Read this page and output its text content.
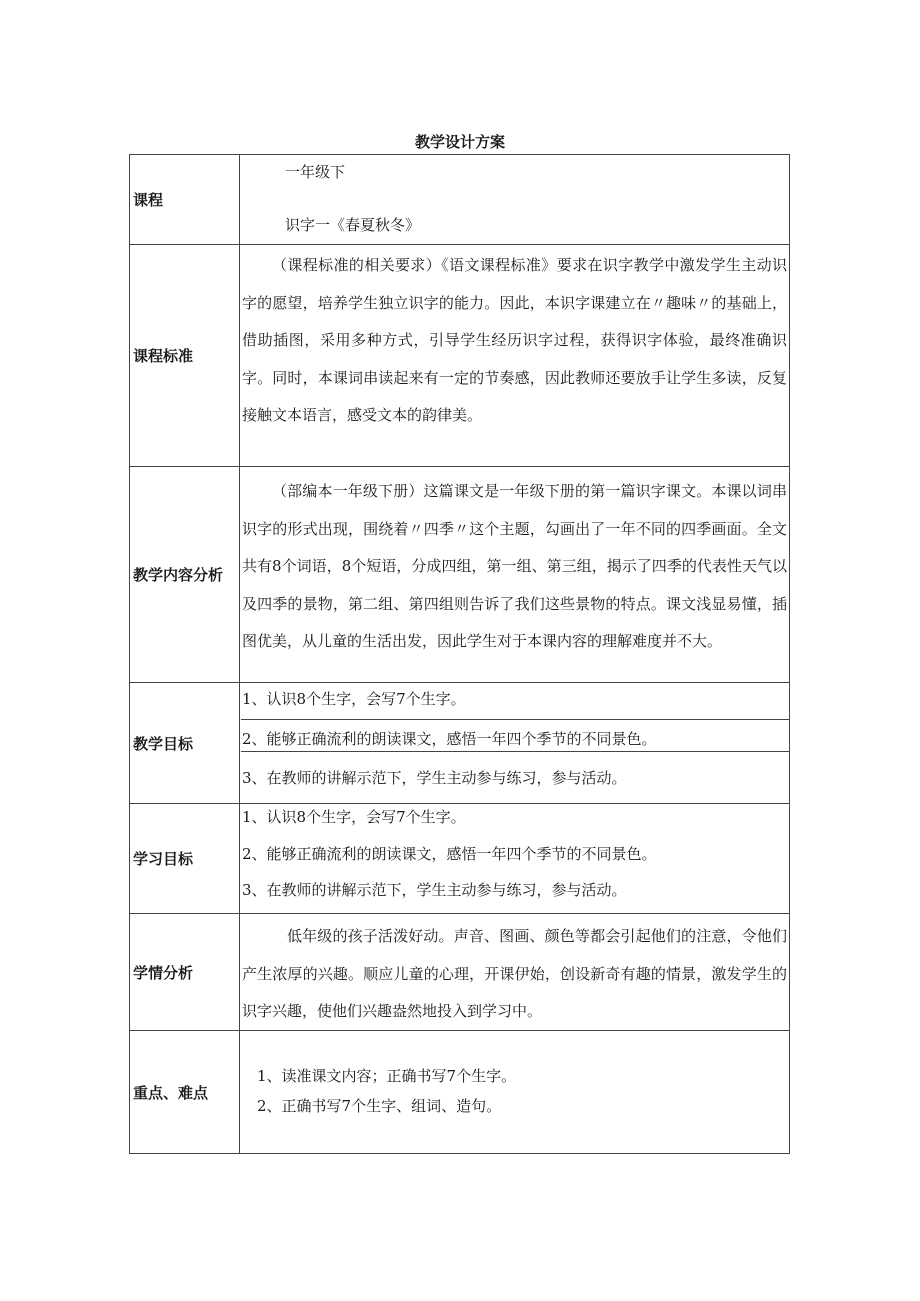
教学设计方案
课程
一年级下
识字一《春夏秋冬》
课程标准

（课程标准的相关要求）《语文课程标准》要求在识字教学中激发学生主动识字的愿望，培养学生独立识字的能力。因此，本识字课建立在〃趣味〃的基础上，借助插图，采用多种方式，引导学生经历识字过程，获得识字体验，最终准确识字。同时，本课词串读起来有一定的节奏感，因此教师还要放手让学生多读，反复接触文本语言，感受文本的韵律美。

教学内容分析

（部编本一年级下册）这篇课文是一年级下册的第一篇识字课文。本课以词串识字的形式出现，围绕着〃四季〃这个主题，勾画出了一年不同的四季画面。全文共有8个词语，8个短语，分成四组，第一组、第三组，揭示了四季的代表性天气以及四季的景物，第二组、第四组则告诉了我们这些景物的特点。课文浅显易懂，插图优美，从儿童的生活出发，因此学生对于本课内容的理解难度并不大。

教学目标
1、认识8个生字，会写7个生字。
2、能够正确流利的朗读课文，感悟一年四个季节的不同景色。
3、在教师的讲解示范下，学生主动参与练习，参与活动。
学习目标
1、认识8个生字，会写7个生字。
2、能够正确流利的朗读课文，感悟一年四个季节的不同景色。
3、在教师的讲解示范下，学生主动参与练习，参与活动。
学情分析

低年级的孩子活泼好动。声音、图画、颜色等都会引起他们的注意，令他们产生浓厚的兴趣。顺应儿童的心理，开课伊始，创设新奇有趣的情景，激发学生的识字兴趣，使他们兴趣盎然地投入到学习中。

重点、难点
1、读准课文内容；正确书写7个生字。
2、正确书写7个生字、组词、造句。
